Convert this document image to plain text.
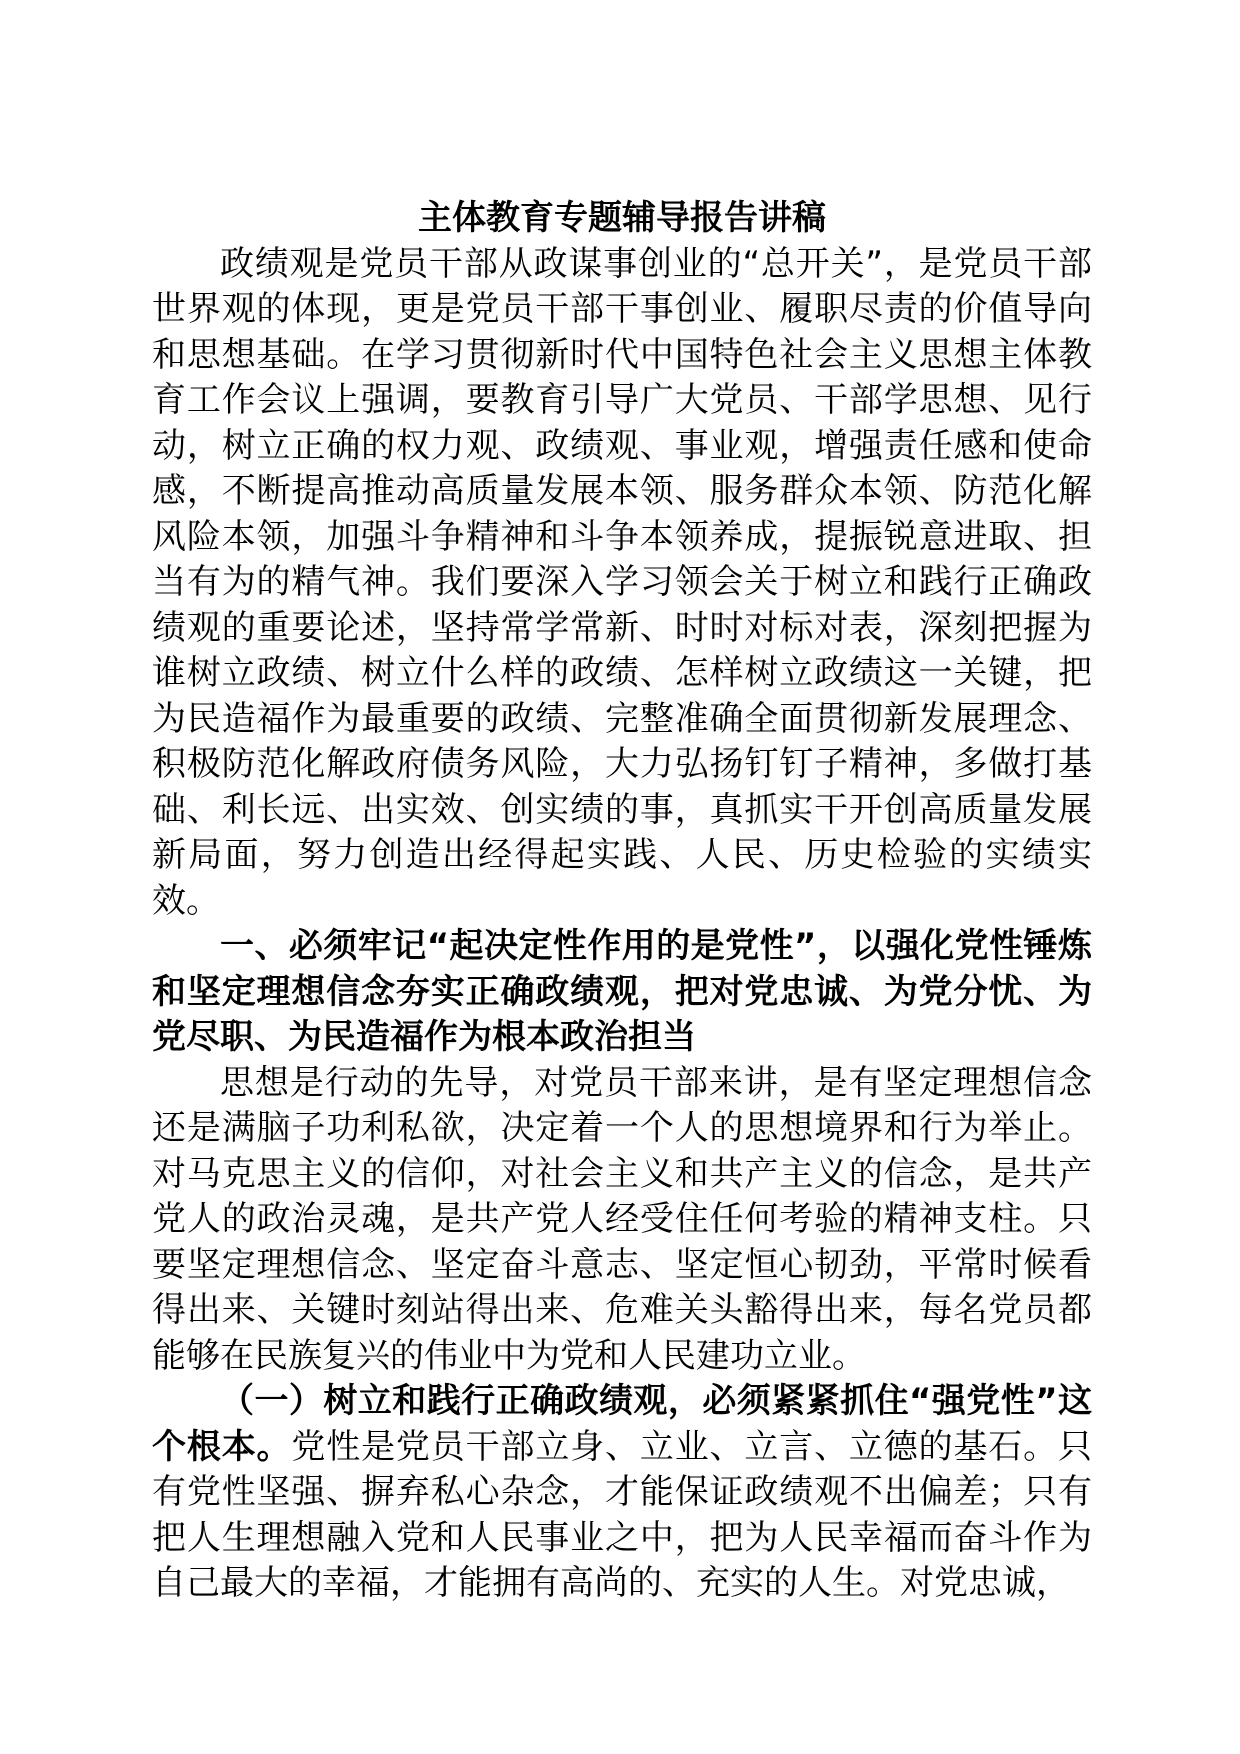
主体教育专题辅导报告讲稿

政绩观是党员干部从政谋事创业的“总开关”，是党员干部世界观的体现，更是党员干部干事创业、履职尽责的价值导向和思想基础。在学习贯彻新时代中国特色社会主义思想主体教育工作会议上强调，要教育引导广大党员、干部学思想、见行动，树立正确的权力观、政绩观、事业观，增强责任感和使命感，不断提高推动高质量发展本领、服务群众本领、防范化解风险本领，加强斗争精神和斗争本领养成，提振锐意进取、担当有为的精气神。我们要深入学习领会关于树立和践行正确政绩观的重要论述，坚持常学常新、时时对标对表，深刻把握为谁树立政绩、树立什么样的政绩、怎样树立政绩这一关键，把为民造福作为最重要的政绩、完整准确全面贯彻新发展理念、积极防范化解政府债务风险，大力弘扬钉钉子精神，多做打基础、利长远、出实效、创实绩的事，真抓实干开创高质量发展新局面，努力创造出经得起实践、人民、历史检验的实绩实效。

一、必须牢记“起决定性作用的是党性”，以强化党性锤炼和坚定理想信念夯实正确政绩观，把对党忠诚、为党分忧、为党尽职、为民造福作为根本政治担当

思想是行动的先导，对党员干部来讲，是有坚定理想信念还是满脑子功利私欲，决定着一个人的思想境界和行为举止。对马克思主义的信仰，对社会主义和共产主义的信念，是共产党人的政治灵魂，是共产党人经受住任何考验的精神支柱。只要坚定理想信念、坚定奋斗意志、坚定恒心韧劲，平常时候看得出来、关键时刻站得出来、危难关头豁得出来，每名党员都能够在民族复兴的伟业中为党和人民建功立业。

（一）树立和践行正确政绩观，必须紧紧抓住“强党性”这个根本。党性是党员干部立身、立业、立言、立德的基石。只有党性坚强、摒弃私心杂念，才能保证政绩观不出偏差；只有把人生理想融入党和人民事业之中，把为人民幸福而奋斗作为自己最大的幸福，才能拥有高尚的、充实的人生。对党忠诚，
